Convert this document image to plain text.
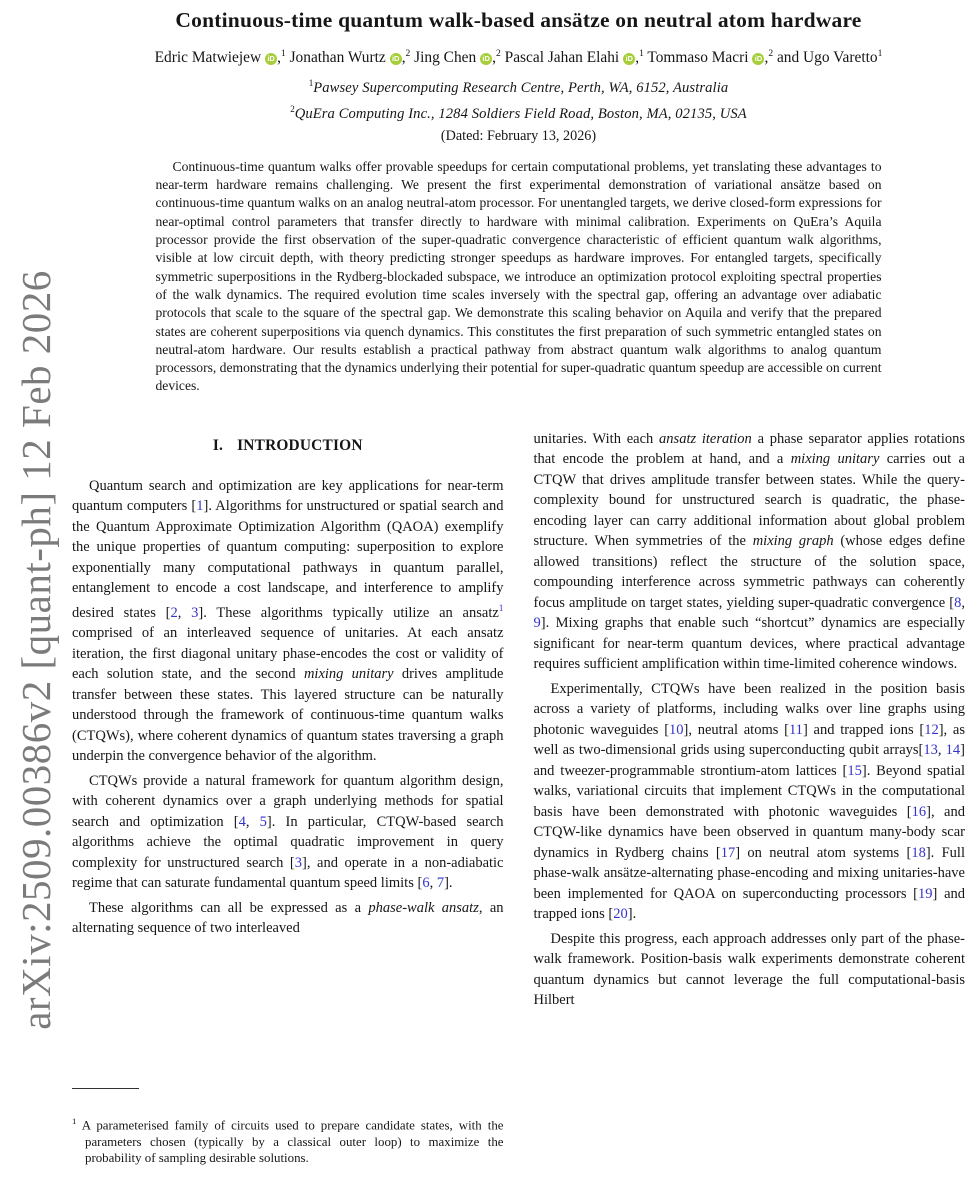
arXiv:2509.00386v2 [quant-ph] 12 Feb 2026
Continuous-time quantum walk-based ansätze on neutral atom hardware
Edric Matwiejew iD ,$^1$ Jonathan Wurtz iD ,$^2$ Jing Chen iD ,$^2$ Pascal Jahan Elahi iD ,$^1$ Tommaso Macri iD ,$^2$ and Ugo Varetto$^1$
$^1$Pawsey Supercomputing Research Centre, Perth, WA, 6152, Australia
$^2$QuEra Computing Inc., 1284 Soldiers Field Road, Boston, MA, 02135, USA
(Dated: February 13, 2026)
Continuous-time quantum walks offer provable speedups for certain computational problems, yet translating these advantages to near-term hardware remains challenging. We present the first experimental demonstration of variational ansätze based on continuous-time quantum walks on an analog neutral-atom processor. For unentangled targets, we derive closed-form expressions for near-optimal control parameters that transfer directly to hardware with minimal calibration. Experiments on QuEra’s Aquila processor provide the first observation of the super-quadratic convergence characteristic of efficient quantum walk algorithms, visible at low circuit depth, with theory predicting stronger speedups as hardware improves. For entangled targets, specifically symmetric superpositions in the Rydberg-blockaded subspace, we introduce an optimization protocol exploiting spectral properties of the walk dynamics. The required evolution time scales inversely with the spectral gap, offering an advantage over adiabatic protocols that scale to the square of the spectral gap. We demonstrate this scaling behavior on Aquila and verify that the prepared states are coherent superpositions via quench dynamics. This constitutes the first preparation of such symmetric entangled states on neutral-atom hardware. Our results establish a practical pathway from abstract quantum walk algorithms to analog quantum processors, demonstrating that the dynamics underlying their potential for super-quadratic quantum speedup are accessible on current devices.
I. INTRODUCTION

Quantum search and optimization are key applications for near-term quantum computers [1]. Algorithms for unstructured or spatial search and the Quantum Approximate Optimization Algorithm (QAOA) exemplify the unique properties of quantum computing: superposition to explore exponentially many computational pathways in quantum parallel, entanglement to encode a cost landscape, and interference to amplify desired states [2, 3]. These algorithms typically utilize an ansatz$^1$ comprised of an interleaved sequence of unitaries. At each ansatz iteration, the first diagonal unitary phase-encodes the cost or validity of each solution state, and the second mixing unitary drives amplitude transfer between these states. This layered structure can be naturally understood through the framework of continuous-time quantum walks (CTQWs), where coherent dynamics of quantum states traversing a graph underpin the convergence behavior of the algorithm.

CTQWs provide a natural framework for quantum algorithm design, with coherent dynamics over a graph underlying methods for spatial search and optimization [4, 5]. In particular, CTQW-based search algorithms achieve the optimal quadratic improvement in query complexity for unstructured search [3], and operate in a non-adiabatic regime that can saturate fundamental quantum speed limits [6, 7].

These algorithms can all be expressed as a phase-walk ansatz, an alternating sequence of two interleaved

$^1$ A parameterised family of circuits used to prepare candidate states, with the parameters chosen (typically by a classical outer loop) to maximize the probability of sampling desirable solutions.

unitaries. With each ansatz iteration a phase separator applies rotations that encode the problem at hand, and a mixing unitary carries out a CTQW that drives amplitude transfer between states. While the query-complexity bound for unstructured search is quadratic, the phase-encoding layer can carry additional information about global problem structure. When symmetries of the mixing graph (whose edges define allowed transitions) reflect the structure of the solution space, compounding interference across symmetric pathways can coherently focus amplitude on target states, yielding super-quadratic convergence [8, 9]. Mixing graphs that enable such “shortcut” dynamics are especially significant for near-term quantum devices, where practical advantage requires sufficient amplification within time-limited coherence windows.

Experimentally, CTQWs have been realized in the position basis across a variety of platforms, including walks over line graphs using photonic waveguides [10], neutral atoms [11] and trapped ions [12], as well as two-dimensional grids using superconducting qubit arrays[13, 14] and tweezer-programmable strontium-atom lattices [15]. Beyond spatial walks, variational circuits that implement CTQWs in the computational basis have been demonstrated with photonic waveguides [16], and CTQW-like dynamics have been observed in quantum many-body scar dynamics in Rydberg chains [17] on neutral atom systems [18]. Full phase-walk ansätze-alternating phase-encoding and mixing unitaries-have been implemented for QAOA on superconducting processors [19] and trapped ions [20].

Despite this progress, each approach addresses only part of the phase-walk framework. Position-basis walk experiments demonstrate coherent quantum dynamics but cannot leverage the full computational-basis Hilbert
